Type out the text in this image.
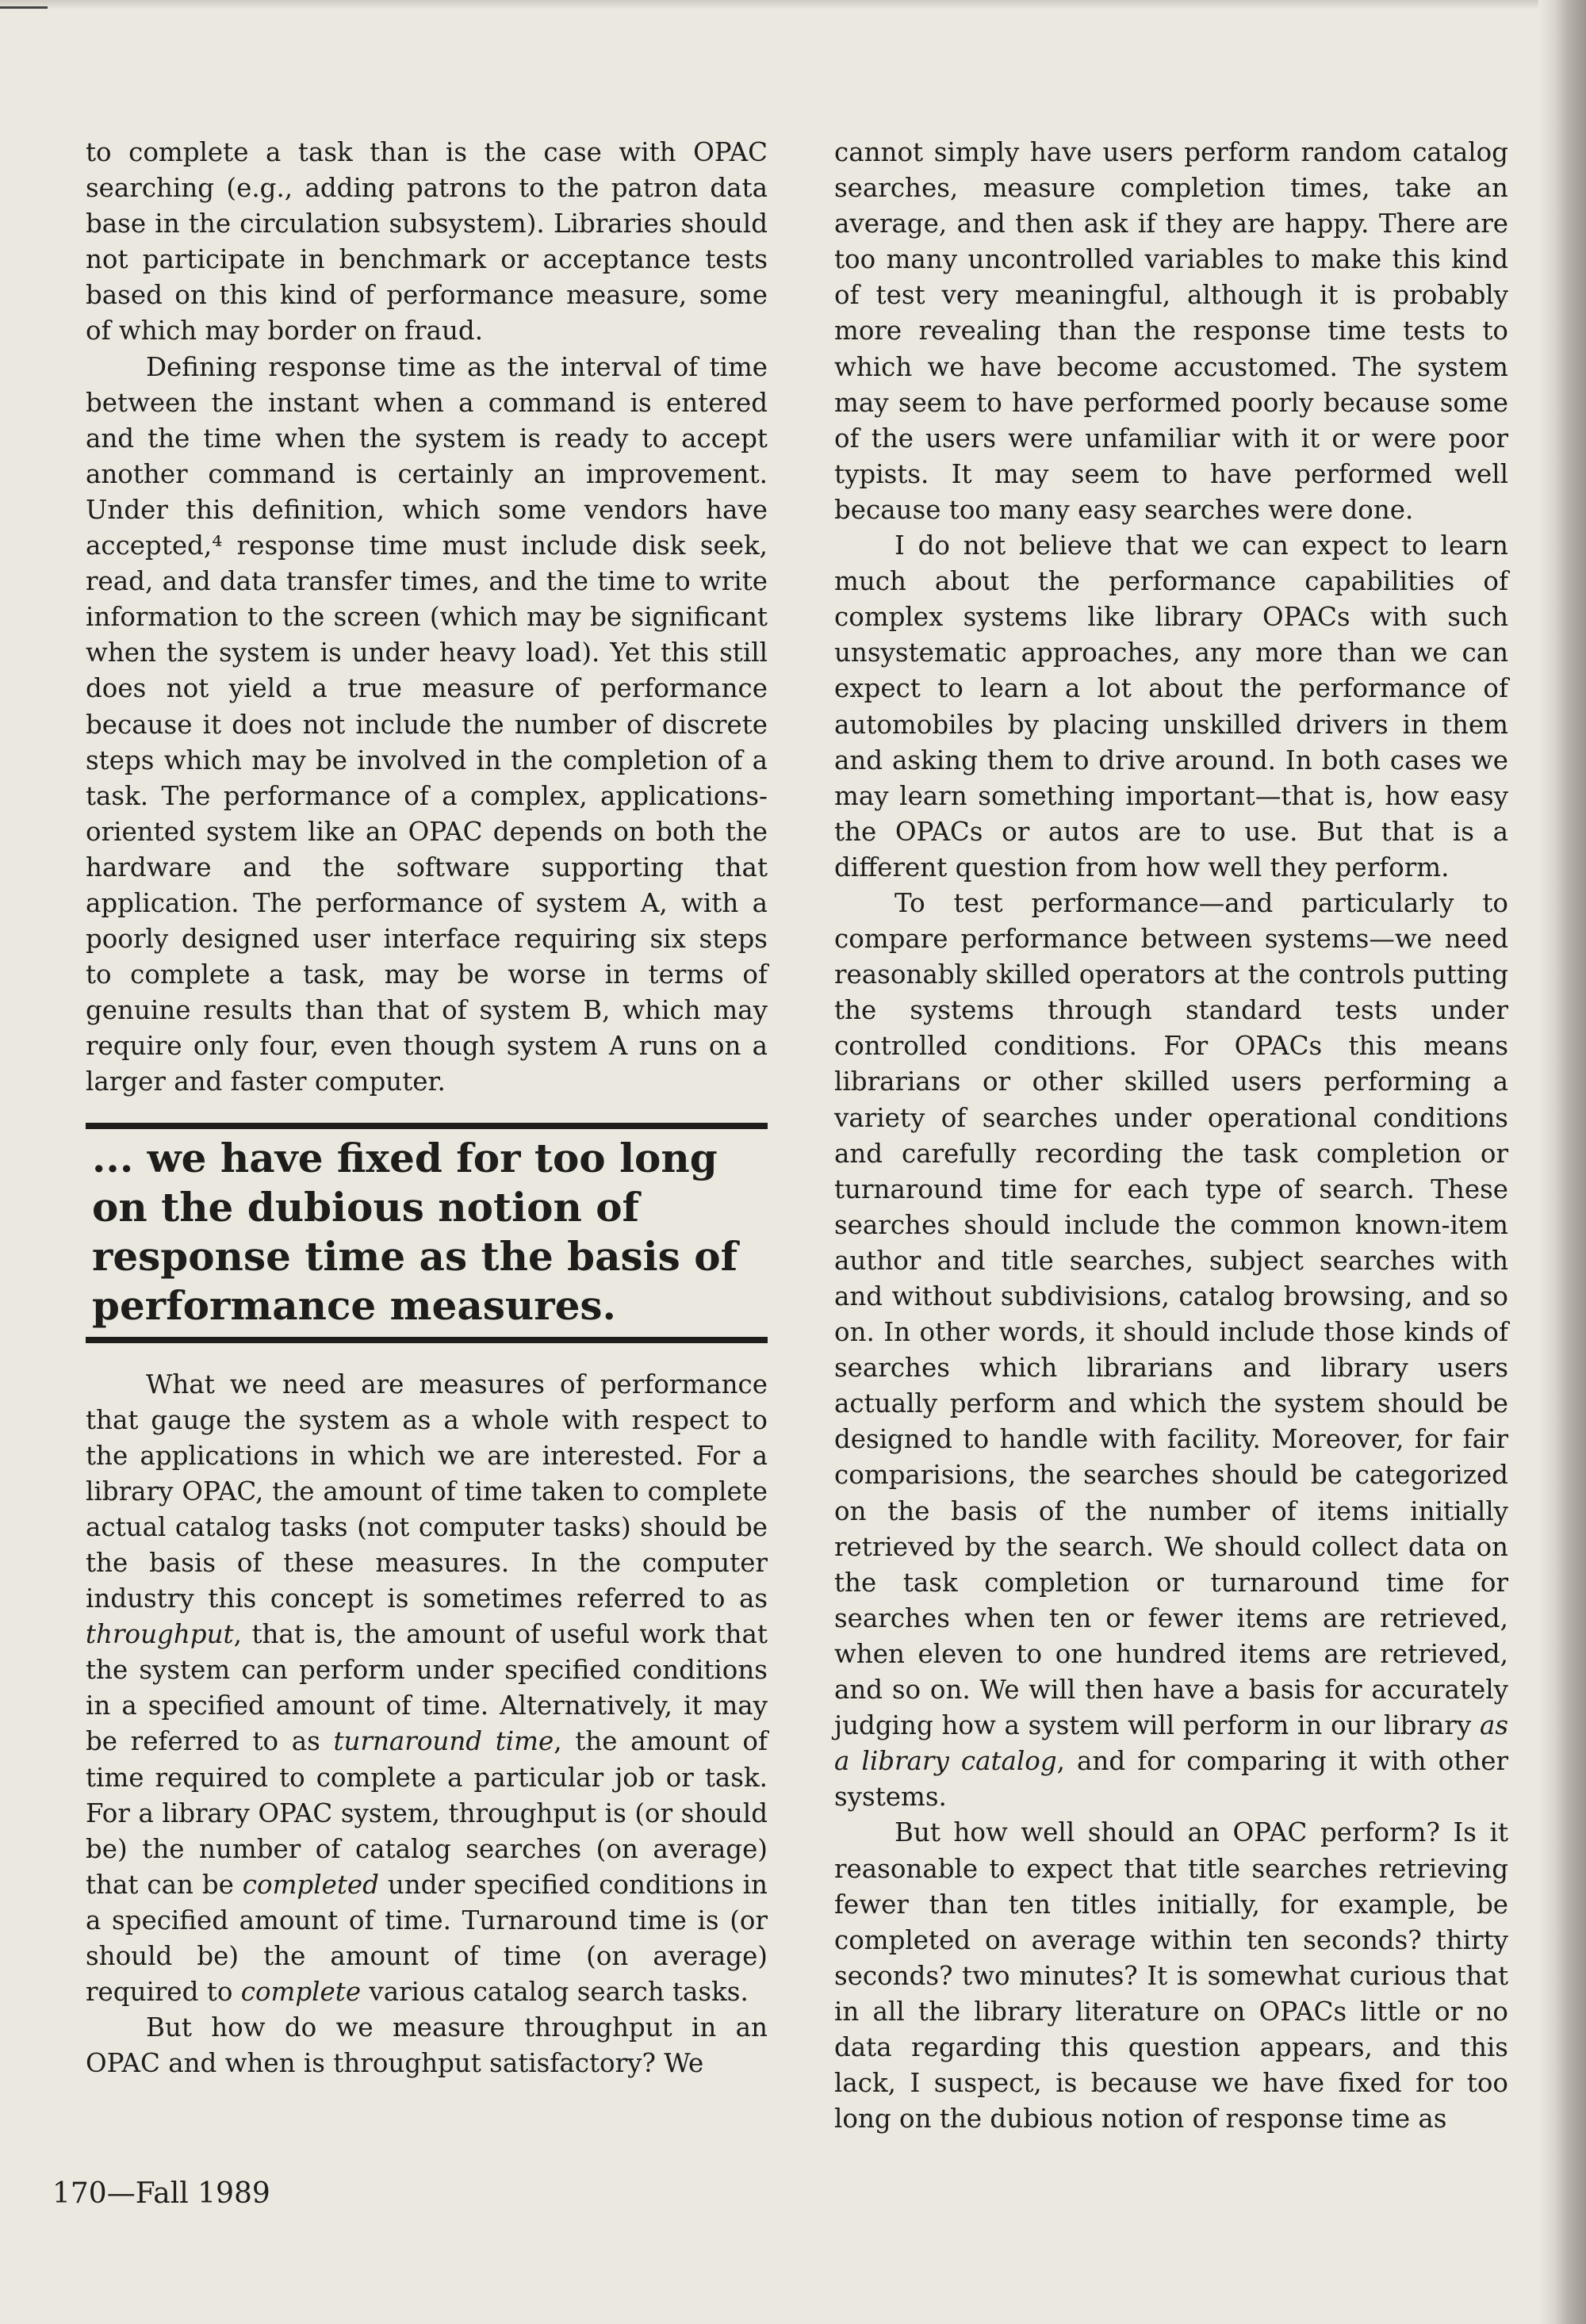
to complete a task than is the case with OPAC searching (e.g., adding patrons to the patron data base in the circulation subsystem). Libraries should not participate in benchmark or acceptance tests based on this kind of performance measure, some of which may border on fraud.

Defining response time as the interval of time between the instant when a command is entered and the time when the system is ready to accept another command is certainly an improvement. Under this definition, which some vendors have accepted,⁴ response time must include disk seek, read, and data transfer times, and the time to write information to the screen (which may be significant when the system is under heavy load). Yet this still does not yield a true measure of performance because it does not include the number of discrete steps which may be involved in the completion of a task. The performance of a complex, applications-oriented system like an OPAC depends on both the hardware and the software supporting that application. The performance of system A, with a poorly designed user interface requiring six steps to complete a task, may be worse in terms of genuine results than that of system B, which may require only four, even though system A runs on a larger and faster computer.

... we have fixed for too long on the dubious notion of response time as the basis of performance measures.

What we need are measures of performance that gauge the system as a whole with respect to the applications in which we are interested. For a library OPAC, the amount of time taken to complete actual catalog tasks (not computer tasks) should be the basis of these measures. In the computer industry this concept is sometimes referred to as throughput, that is, the amount of useful work that the system can perform under specified conditions in a specified amount of time. Alternatively, it may be referred to as turnaround time, the amount of time required to complete a particular job or task. For a library OPAC system, throughput is (or should be) the number of catalog searches (on average) that can be completed under specified conditions in a specified amount of time. Turnaround time is (or should be) the amount of time (on average) required to complete various catalog search tasks.

But how do we measure throughput in an OPAC and when is throughput satisfactory? We

cannot simply have users perform random catalog searches, measure completion times, take an average, and then ask if they are happy. There are too many uncontrolled variables to make this kind of test very meaningful, although it is probably more revealing than the response time tests to which we have become accustomed. The system may seem to have performed poorly because some of the users were unfamiliar with it or were poor typists. It may seem to have performed well because too many easy searches were done.

I do not believe that we can expect to learn much about the performance capabilities of complex systems like library OPACs with such unsystematic approaches, any more than we can expect to learn a lot about the performance of automobiles by placing unskilled drivers in them and asking them to drive around. In both cases we may learn something important—that is, how easy the OPACs or autos are to use. But that is a different question from how well they perform.

To test performance—and particularly to compare performance between systems—we need reasonably skilled operators at the controls putting the systems through standard tests under controlled conditions. For OPACs this means librarians or other skilled users performing a variety of searches under operational conditions and carefully recording the task completion or turnaround time for each type of search. These searches should include the common known-item author and title searches, subject searches with and without subdivisions, catalog browsing, and so on. In other words, it should include those kinds of searches which librarians and library users actually perform and which the system should be designed to handle with facility. Moreover, for fair comparisions, the searches should be categorized on the basis of the number of items initially retrieved by the search. We should collect data on the task completion or turnaround time for searches when ten or fewer items are retrieved, when eleven to one hundred items are retrieved, and so on. We will then have a basis for accurately judging how a system will perform in our library as a library catalog, and for comparing it with other systems.

But how well should an OPAC perform? Is it reasonable to expect that title searches retrieving fewer than ten titles initially, for example, be completed on average within ten seconds? thirty seconds? two minutes? It is somewhat curious that in all the library literature on OPACs little or no data regarding this question appears, and this lack, I suspect, is because we have fixed for too long on the dubious notion of response time as

170—Fall 1989
